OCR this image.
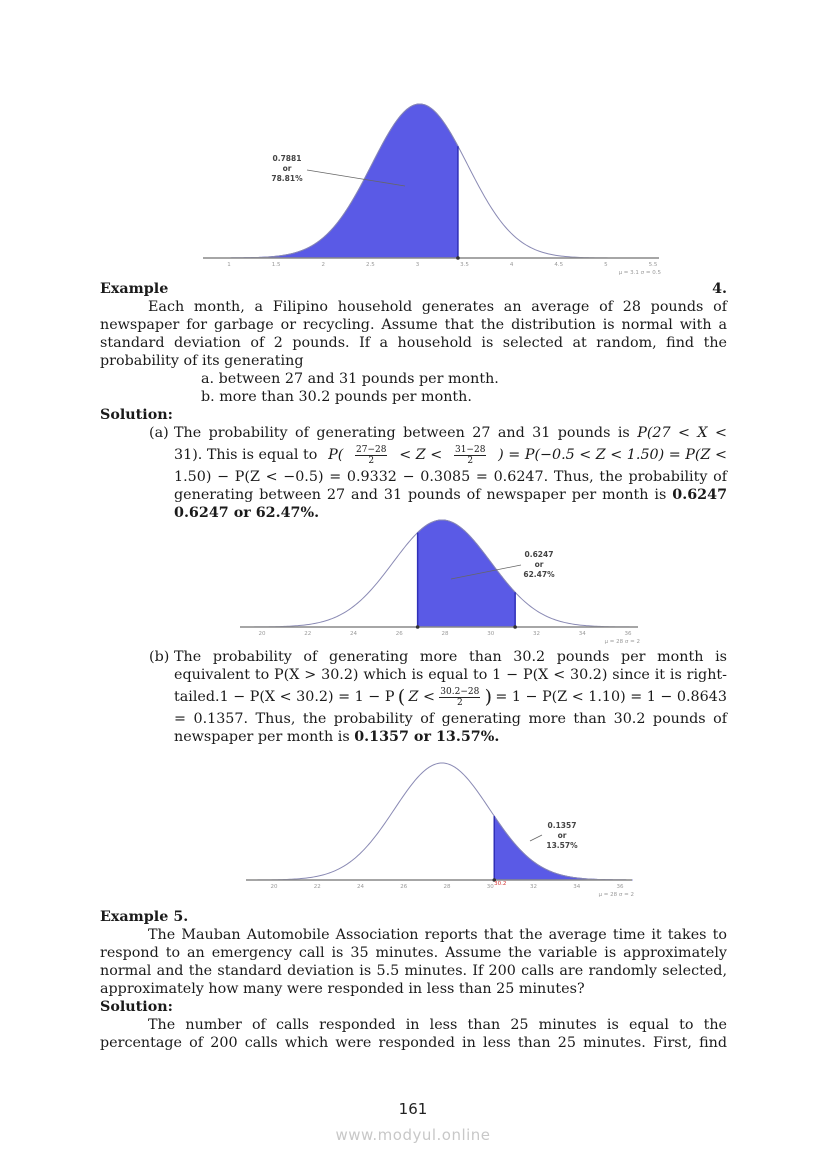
1	1.5	2	2.5	3	3.5	4	4.5	5	5.5
μ = 3.1 σ = 0.5
0.7881
or
78.81%
Example	4.
Each month, a Filipino household generates an average of 28 pounds of newspaper for garbage or recycling. Assume that the distribution is normal with a standard deviation of 2 pounds. If a household is selected at random, find the probability of its generating
a. between 27 and 31 pounds per month.
b. more than 30.2 pounds per month.
Solution:
(a) The probability of generating between 27 and 31 pounds is P(27 < X <
31). This is equal to $P( \frac{27-28}{2} < Z < \frac{31-28}{2}$ ) = P(−0.5 < Z < 1.50) = P(Z <
1.50) − P(Z < −0.5) = 0.9332 − 0.3085 = 0.6247. Thus, the probability of
generating between 27 and 31 pounds of newspaper per month is 0.6247
0.6247 or 62.47%.
20	22	24	26	28	30	32	34	36
μ = 28 σ = 2
0.6247
or
62.47%
(b) The probability of generating more than 30.2 pounds per month is
equivalent to P(X > 30.2) which is equal to 1 − P(X < 30.2) since it is right-
tailed.1 − P(X < 30.2) = 1 − P ( $Z < \frac{30.2-28}{2}$ ) = 1 − P(Z < 1.10) = 1 − 0.8643
= 0.1357. Thus, the probability of generating more than 30.2 pounds of
newspaper per month is 0.1357 or 13.57%.
20	22	24	26	28	30	32	34	36
30.2
μ = 28 σ = 2
0.1357
or
13.57%
Example 5.
The Mauban Automobile Association reports that the average time it takes to respond to an emergency call is 35 minutes. Assume the variable is approximately normal and the standard deviation is 5.5 minutes. If 200 calls are randomly selected, approximately how many were responded in less than 25 minutes?
Solution:
The number of calls responded in less than 25 minutes is equal to the percentage of 200 calls which were responded in less than 25 minutes. First, find
161
www.modyul.online
